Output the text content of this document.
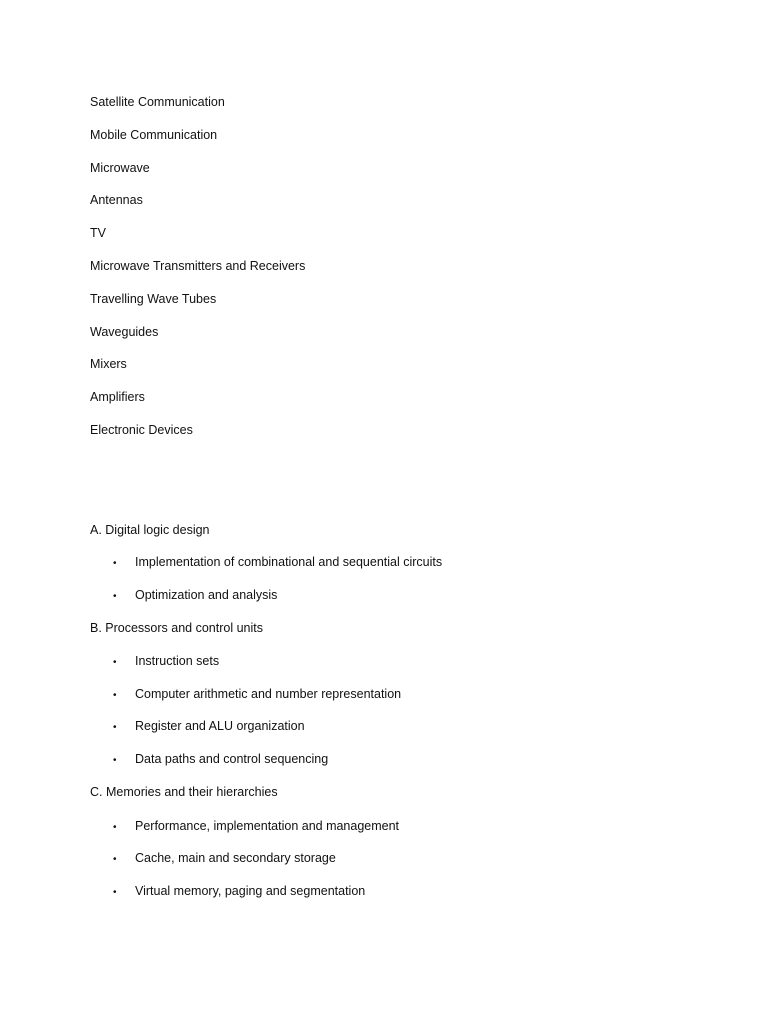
Satellite Communication
Mobile Communication
Microwave
Antennas
TV
Microwave Transmitters and Receivers
Travelling Wave Tubes
Waveguides
Mixers
Amplifiers
Electronic Devices
A. Digital logic design
• Implementation of combinational and sequential circuits
• Optimization and analysis
B. Processors and control units
• Instruction sets
• Computer arithmetic and number representation
• Register and ALU organization
• Data paths and control sequencing
C. Memories and their hierarchies
• Performance, implementation and management
• Cache, main and secondary storage
• Virtual memory, paging and segmentation
